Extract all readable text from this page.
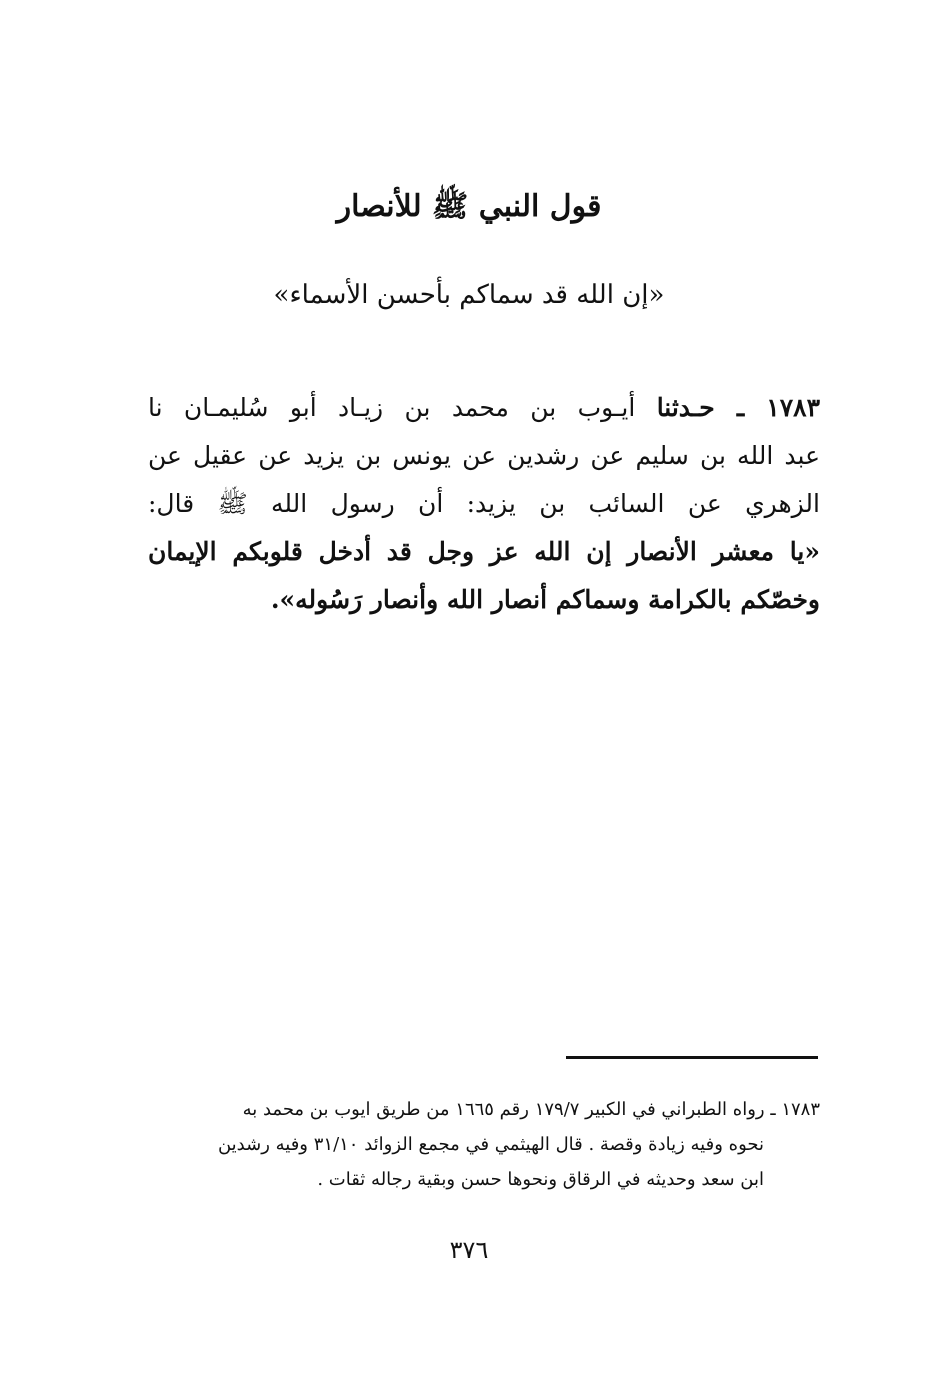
قول النبي ﷺ للأنصار
«إن الله قد سماكم بأحسن الأسماء»
١٧٨٣ ـ حـدثنا أيـوب بن محمد بن زيـاد أبو سُليمـان نا
عبد الله بن سليم عن رشدين عن يونس بن يزيد عن عقيل عن
الزهري عن السائب بن يزيد: أن رسول الله ﷺ قال:
«يا معشر الأنصار إن الله عز وجل قد أدخل قلوبكم الإيمان
وخصّكم بالكرامة وسماكم أنصار الله وأنصار رَسُوله».
١٧٨٣ ـ رواه الطبراني في الكبير ١٧٩/٧ رقم ١٦٦٥ من طريق ايوب بن محمد به
نحوه وفيه زيادة وقصة . قال الهيثمي في مجمع الزوائد ٣١/١٠ وفيه رشدين
ابن سعد وحديثه في الرقاق ونحوها حسن وبقية رجاله ثقات .
٣٧٦
